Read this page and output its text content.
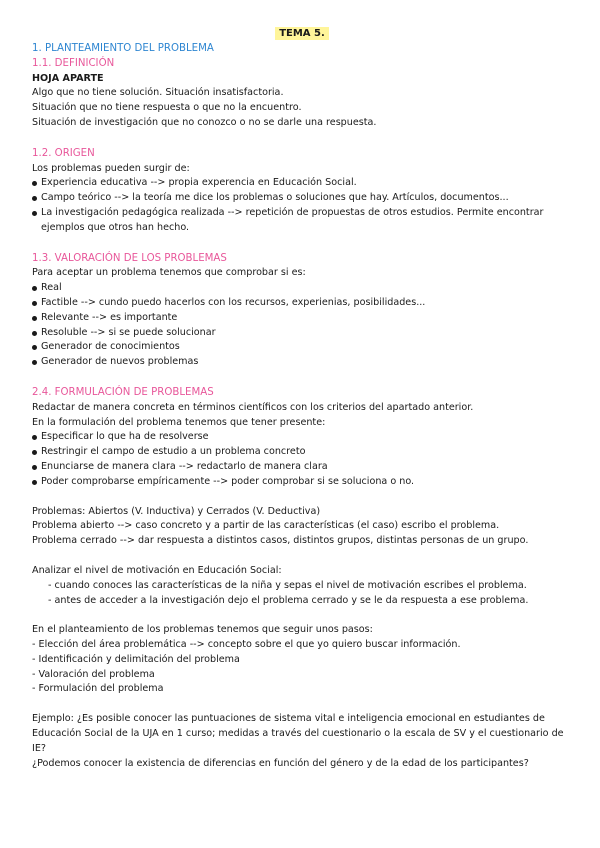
TEMA 5.

1. PLANTEAMIENTO DEL PROBLEMA

1.1. DEFINICIÓN

HOJA APARTE

Algo que no tiene solución. Situación insatisfactoria.

Situación que no tiene respuesta o que no la encuentro.

Situación de investigación que no conozco o no se darle una respuesta.

1.2. ORIGEN

Los problemas pueden surgir de:

Experiencia educativa --> propia experencia en Educación Social.
Campo teórico --> la teoría me dice los problemas o soluciones que hay. Artículos, documentos...
La investigación pedagógica realizada --> repetición de propuestas de otros estudios. Permite encontrar ejemplos que otros han hecho.

1.3. VALORACIÓN DE LOS PROBLEMAS

Para aceptar un problema tenemos que comprobar si es:

Real
Factible --> cundo puedo hacerlos con los recursos, experienias, posibilidades...
Relevante --> es importante
Resoluble --> si se puede solucionar
Generador de conocimientos
Generador de nuevos problemas

2.4. FORMULACIÓN DE PROBLEMAS

Redactar de manera concreta en términos científicos con los criterios del apartado anterior.

En la formulación del problema tenemos que tener presente:

Especificar lo que ha de resolverse
Restringir el campo de estudio a un problema concreto
Enunciarse de manera clara --> redactarlo de manera clara
Poder comprobarse empíricamente --> poder comprobar si se soluciona o no.

Problemas: Abiertos (V. Inductiva) y Cerrados (V. Deductiva)

Problema abierto --> caso concreto y a partir de las características (el caso) escribo el problema.

Problema cerrado --> dar respuesta a distintos casos, distintos grupos, distintas personas de un grupo.

Analizar el nivel de motivación en Educación Social:

- cuando conoces las características de la niña y sepas el nivel de motivación escribes el problema.
- antes de acceder a la investigación dejo el problema cerrado y se le da respuesta a ese problema.

En el planteamiento de los problemas tenemos que seguir unos pasos:

- Elección del área problemática --> concepto sobre el que yo quiero buscar información.
- Identificación y delimitación del problema
- Valoración del problema
- Formulación del problema

Ejemplo: ¿Es posible conocer las puntuaciones de sistema vital e inteligencia emocional en estudiantes de Educación Social de la UJA en 1 curso; medidas a través del cuestionario o la escala de SV y el cuestionario de IE?

¿Podemos conocer la existencia de diferencias en función del género y de la edad de los participantes?
